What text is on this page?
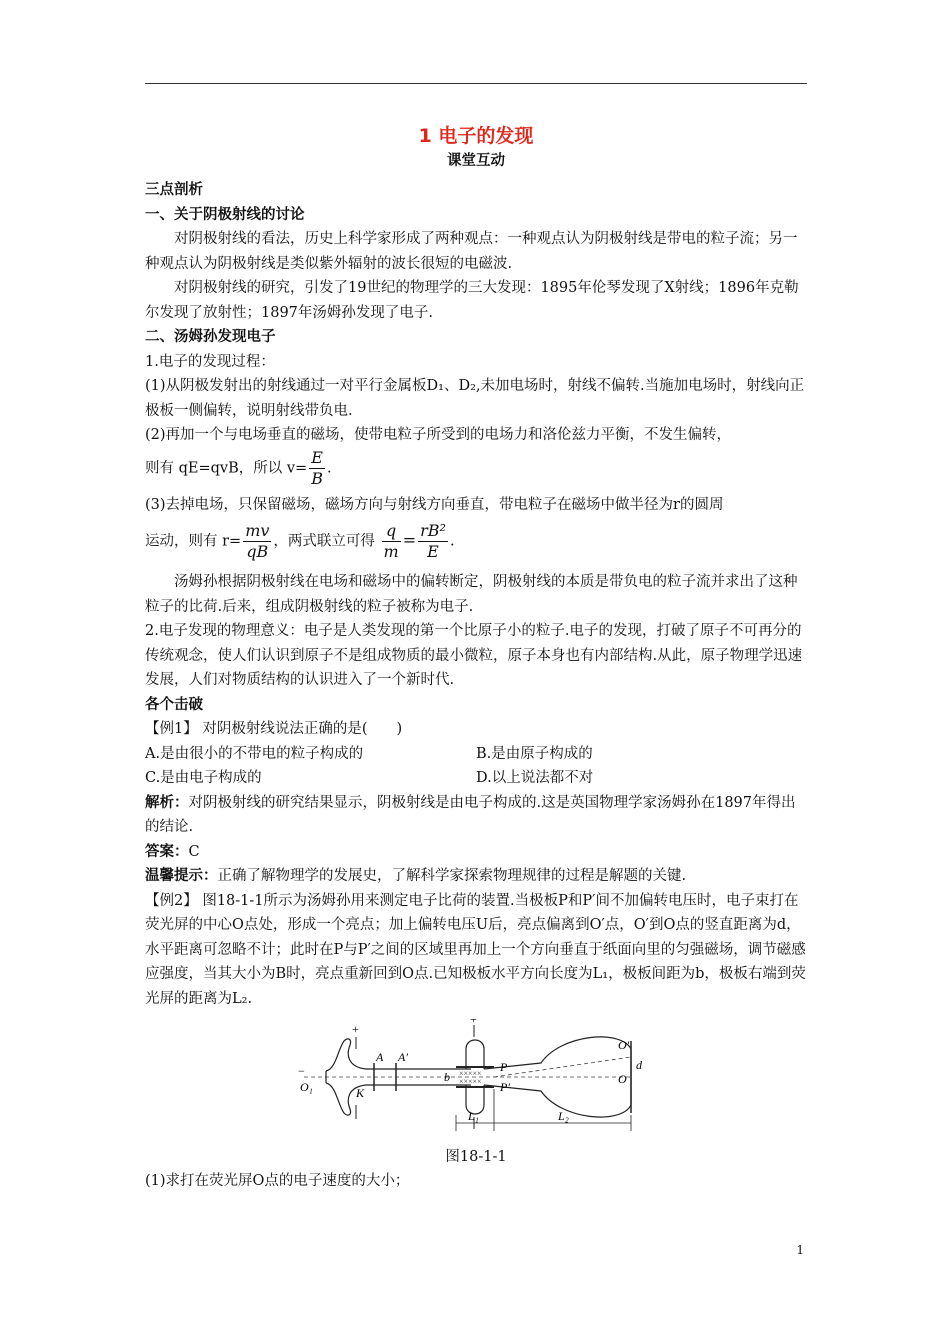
1 电子的发现

课堂互动

三点剖析

一、关于阴极射线的讨论

对阴极射线的看法，历史上科学家形成了两种观点：一种观点认为阴极射线是带电的粒子流；另一种观点认为阴极射线是类似紫外辐射的波长很短的电磁波.

对阴极射线的研究，引发了19世纪的物理学的三大发现：1895年伦琴发现了X射线；1896年克勒尔发现了放射性；1897年汤姆孙发现了电子.

二、汤姆孙发现电子

1.电子的发现过程：

(1)从阴极发射出的射线通过一对平行金属板D₁、D₂,未加电场时，射线不偏转.当施加电场时，射线向正极板一侧偏转，说明射线带负电.

(2)再加一个与电场垂直的磁场，使带电粒子所受到的电场力和洛伦兹力平衡，不发生偏转，

则有 qE=qvB，所以 $v= \frac{E}{B}$ .

(3)去掉电场，只保留磁场，磁场方向与射线方向垂直，带电粒子在磁场中做半径为r的圆周

运动，则有 $r= \frac{mv}{qB}$ ，两式联立可得 $\frac{q}{m} = \frac{\text{rB²}}{E}$ .

汤姆孙根据阴极射线在电场和磁场中的偏转断定，阴极射线的本质是带负电的粒子流并求出了这种粒子的比荷.后来，组成阴极射线的粒子被称为电子.

2.电子发现的物理意义：电子是人类发现的第一个比原子小的粒子.电子的发现，打破了原子不可再分的传统观念，使人们认识到原子不是组成物质的最小微粒，原子本身也有内部结构.从此，原子物理学迅速发展，人们对物质结构的认识进入了一个新时代.

各个击破

【例1】 对阴极射线说法正确的是(　　)

A.是由很小的不带电的粒子构成的	B.是由原子构成的
C.是由电子构成的	D.以上说法都不对

解析：对阴极射线的研究结果显示，阴极射线是由电子构成的.这是英国物理学家汤姆孙在1897年得出的结论.

答案：C

温馨提示：正确了解物理学的发展史，了解科学家探索物理规律的过程是解题的关键.

【例2】 图18-1-1所示为汤姆孙用来测定电子比荷的装置.当极板P和P′间不加偏转电压时，电子束打在荧光屏的中心O点处，形成一个亮点；加上偏转电压U后，亮点偏离到O′点，O′到O点的竖直距离为d，水平距离可忽略不计；此时在P与P′之间的区域里再加上一个方向垂直于纸面向里的匀强磁场，调节磁感应强度，当其大小为B时，亮点重新回到O点.已知极板水平方向长度为L₁，极板间距为b，极板右端到荧光屏的距离为L₂.

×××××
×××××
+
−
O₁	K
A A′
b
P
P′
+
O′
O
d
L₁	L₂

图18-1-1

(1)求打在荧光屏O点的电子速度的大小；

1
